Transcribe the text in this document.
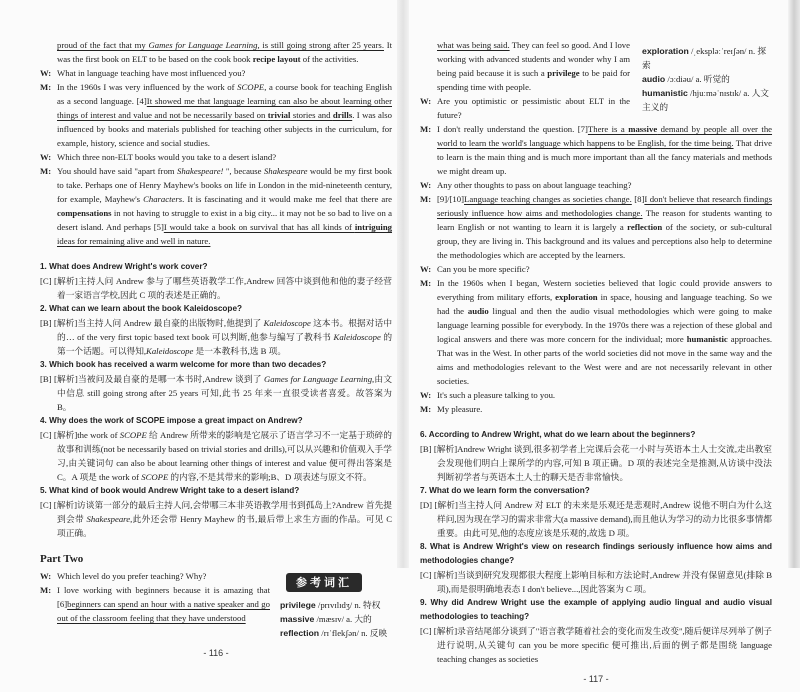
proud of the fact that my Games for Language Learning, is still going strong after 25 years. It was the first book on ELT to be based on the cook book recipe layout of the activities.

W: What in language teaching have most influenced you?

M: In the 1960s I was very influenced by the work of SCOPE, a course book for teaching English as a second language. [4]It showed me that language learning can also be about learning other things of interest and value and not be necessarily based on trivial stories and drills. I was also influenced by books and materials published for teaching other subjects in the curriculum, for example, history, science and social studies.

W: Which three non-ELT books would you take to a desert island?

M: You should have said "apart from Shakespeare! ", because Shakespeare would be my first book to take. Perhaps one of Henry Mayhew's books on life in London in the mid-nineteenth century, for example, Mayhew's Characters. It is fascinating and it would make me feel that there are compensations in not having to struggle to exist in a big city... it may not be so bad to live on a desert island. And perhaps [5]I would take a book on survival that has all kinds of intriguing ideas for remaining alive and well in nature.

1. What does Andrew Wright's work cover?

[C] [解析]主持人问 Andrew 参与了哪些英语教学工作,Andrew 回答中谈到他和他的妻子经营着一家语言学校,因此 C 项的表述是正确的。

2. What can we learn about the book Kaleidoscope?

[B] [解析]当主持人问 Andrew 最自豪的出版物时,他提到了 Kaleidoscope 这本书。根据对话中的… of the very first topic based text book 可以判断,他参与编写了教科书 Kaleidoscope 的第一个话题。可以得知,Kaleidoscope 是一本教科书,选 B 项。

3. Which book has received a warm welcome for more than two decades?

[B] [解析]当被问及最自豪的是哪一本书时,Andrew 谈到了 Games for Language Learning,由文中信息 still going strong after 25 years 可知,此书 25 年来一直很受读者喜爱。故答案为 B。

4. Why does the work of SCOPE impose a great impact on Andrew?

[C] [解析]the work of SCOPE 给 Andrew 所带来的影响是它展示了语言学习不一定基于琐碎的故事和训练(not be necessarily based on trivial stories and drills),可以从兴趣和价值观入手学习,由关键词句 can also be about learning other things of interest and value 便可得出答案是 C。A 项是 the work of SCOPE 的内容,不是其带来的影响;B、D 项表述与原文不符。

5. What kind of book would Andrew Wright take to a desert island?

[C] [解析]访谈第一部分的最后主持人问,会带哪三本非英语教学用书到孤岛上?Andrew 首先提到会带 Shakespeare,此外还会带 Henry Mayhew 的书,最后带上求生方面的作品。可见 C 项正确。

Part Two
参考词汇
privilege /prɪvɪlɪdʒ/ n. 特权
massive /mæsɪv/ a. 大的
reflection /rɪˈflekʃən/ n. 反映

W: Which level do you prefer teaching? Why?

M: I love working with beginners because it is amazing that [6]beginners can spend an hour with a native speaker and go out of the classroom feeling that they have understood

- 116 -
exploration /ˌekspləːˈreɪʃən/ n. 探索
audio /ɔːdiəu/ a. 听觉的
humanistic /hjuːməˈnɪstɪk/ a. 人文主义的

what was being said. They can feel so good. And I love working with advanced students and wonder why I am being paid because it is such a privilege to be paid for spending time with people.

W: Are you optimistic or pessimistic about ELT in the future?

M: I don't really understand the question. [7]There is a massive demand by people all over the world to learn the world's language which happens to be English, for the time being. That drive to learn is the main thing and is much more important than all the fancy materials and methods we might dream up.

W: Any other thoughts to pass on about language teaching?

M: [9]/[10]Language teaching changes as societies change. [8]I don't believe that research findings seriously influence how aims and methodologies change. The reason for students wanting to learn English or not wanting to learn it is largely a reflection of the society, or sub-cultural group, they are living in. This background and its values and perceptions also help to determine the methodologies which are accepted by the learners.

W: Can you be more specific?

M: In the 1960s when I began, Western societies believed that logic could provide answers to everything from military efforts, exploration in space, housing and language teaching. So we had the audio lingual and then the audio visual methodologies which were going to make language learning possible for everybody. In the 1970s there was a rejection of these global and logical answers and there was more concern for the individual; more humanistic approaches. That was in the West. In other parts of the world societies did not move in the same way and the aims and methodologies relevant to the West were and are not necessarily relevant in other societies.

W: It's such a pleasure talking to you.

M: My pleasure.

6. According to Andrew Wright, what do we learn about the beginners?

[B] [解析]Andrew Wright 谈到,很多初学者上完课后会花一小时与英语本土人士交流,走出教室会发现他们明白上课所学的内容,可知 B 项正确。D 项的表述完全是推测,从访谈中没法判断初学者与英语本土人士的聊天是否非常愉快。

7. What do we learn form the conversation?

[D] [解析]当主持人问 Andrew 对 ELT 的未来是乐观还是悲观时,Andrew 说他不明白为什么这样问,因为现在学习的需求非常大(a massive demand),而且他认为学习的动力比很多事情都重要。由此可见,他的态度应该是乐观的,故选 D 项。

8. What is Andrew Wright's view on research findings seriously influence how aims and methodologies change?

[C] [解析]当谈到研究发现都很大程度上影响目标和方法论时,Andrew 并没有保留意见(排除 B 项),而是很明确地表态 I don't believe...,因此答案为 C 项。

9. Why did Andrew Wright use the example of applying audio lingual and audio visual methodologies to teaching?

[C] [解析]录音结尾部分谈到了"语言教学随着社会的变化而发生改变",随后便详尽列举了例子进行说明,从关键句 can you be more specific 便可推出,后面的例子都是围绕 language teaching changes as societies

- 117 -
